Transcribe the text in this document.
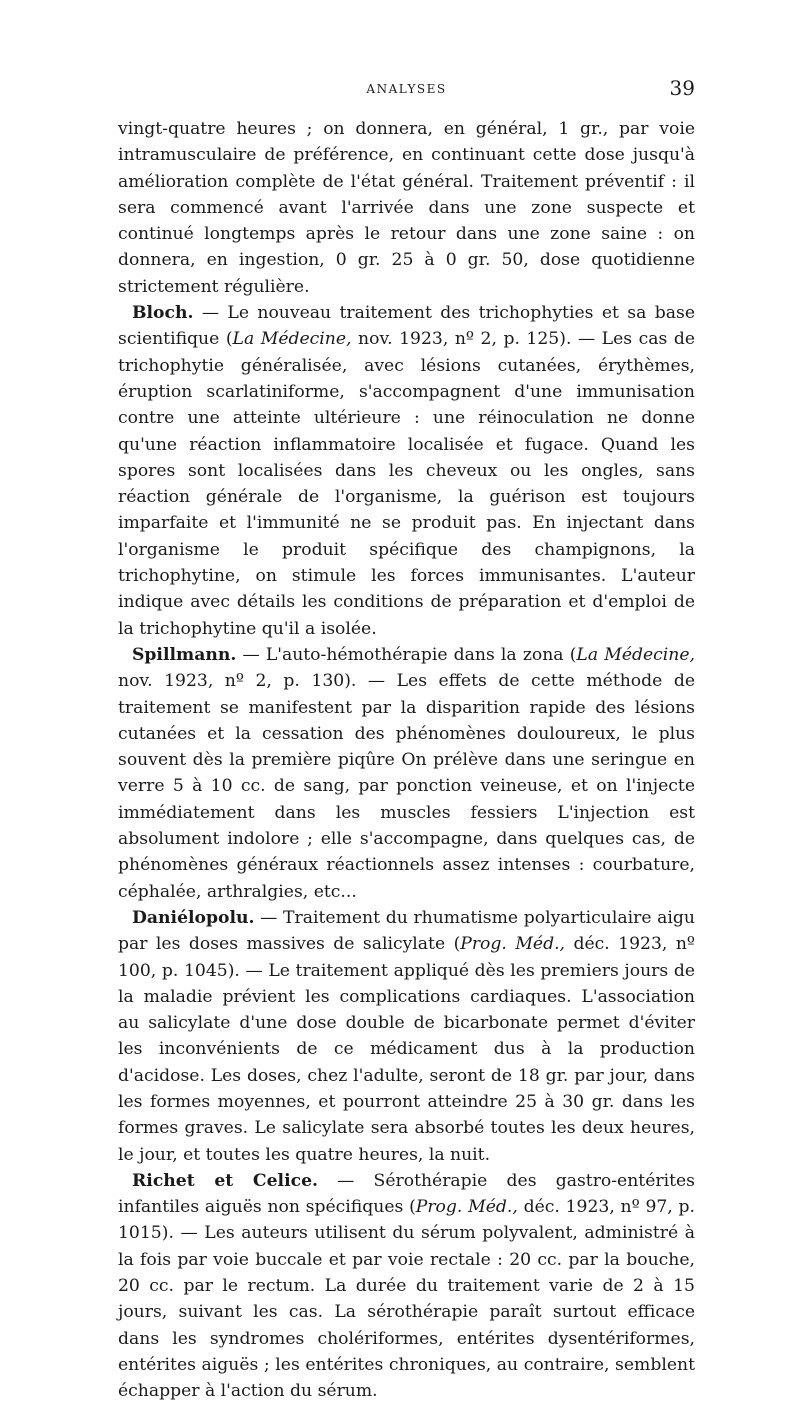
ANALYSES	39

vingt-quatre heures ; on donnera, en général, 1 gr., par voie intramusculaire de préférence, en continuant cette dose jusqu'à amélioration complète de l'état général. Traitement préventif : il sera commencé avant l'arrivée dans une zone suspecte et continué longtemps après le retour dans une zone saine : on donnera, en ingestion, 0 gr. 25 à 0 gr. 50, dose quotidienne strictement régulière.

Bloch. — Le nouveau traitement des trichophyties et sa base scientifique (La Médecine, nov. 1923, nº 2, p. 125). — Les cas de trichophytie généralisée, avec lésions cutanées, érythèmes, éruption scarlatiniforme, s'accompagnent d'une immunisation contre une atteinte ultérieure : une réinoculation ne donne qu'une réaction inflammatoire localisée et fugace. Quand les spores sont localisées dans les cheveux ou les ongles, sans réaction générale de l'organisme, la guérison est toujours imparfaite et l'immunité ne se produit pas. En injectant dans l'organisme le produit spécifique des champignons, la trichophytine, on stimule les forces immunisantes. L'auteur indique avec détails les conditions de préparation et d'emploi de la trichophytine qu'il a isolée.

Spillmann. — L'auto-hémothérapie dans la zona (La Médecine, nov. 1923, nº 2, p. 130). — Les effets de cette méthode de traitement se manifestent par la disparition rapide des lésions cutanées et la cessation des phénomènes douloureux, le plus souvent dès la première piqûre On prélève dans une seringue en verre 5 à 10 cc. de sang, par ponction veineuse, et on l'injecte immédiatement dans les muscles fessiers L'injection est absolument indolore ; elle s'accompagne, dans quelques cas, de phénomènes généraux réactionnels assez intenses : courbature, céphalée, arthralgies, etc...

Daniélopolu. — Traitement du rhumatisme polyarticulaire aigu par les doses massives de salicylate (Prog. Méd., déc. 1923, nº 100, p. 1045). — Le traitement appliqué dès les premiers jours de la maladie prévient les complications cardiaques. L'association au salicylate d'une dose double de bicarbonate permet d'éviter les inconvénients de ce médicament dus à la production d'acidose. Les doses, chez l'adulte, seront de 18 gr. par jour, dans les formes moyennes, et pourront atteindre 25 à 30 gr. dans les formes graves. Le salicylate sera absorbé toutes les deux heures, le jour, et toutes les quatre heures, la nuit.

Richet et Celice. — Sérothérapie des gastro-entérites infantiles aiguës non spécifiques (Prog. Méd., déc. 1923, nº 97, p. 1015). — Les auteurs utilisent du sérum polyvalent, administré à la fois par voie buccale et par voie rectale : 20 cc. par la bouche, 20 cc. par le rectum. La durée du traitement varie de 2 à 15 jours, suivant les cas. La sérothérapie paraît surtout efficace dans les syndromes cholériformes, entérites dysentériformes, entérites aiguës ; les entérites chroniques, au contraire, semblent échapper à l'action du sérum.
